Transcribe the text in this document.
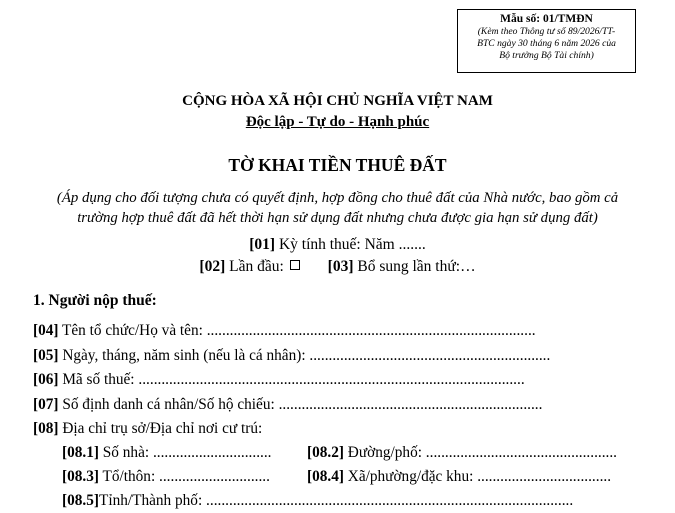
Mẫu số: 01/TMĐN
(Kèm theo Thông tư số 89/2026/TT-
BTC ngày 30 tháng 6 năm 2026 của
Bộ trưởng Bộ Tài chính)
CỘNG HÒA XÃ HỘI CHỦ NGHĨA VIỆT NAM
Độc lập - Tự do - Hạnh phúc
TỜ KHAI TIỀN THUÊ ĐẤT
(Áp dụng cho đối tượng chưa có quyết định, hợp đồng cho thuê đất của Nhà nước, bao gồm cả
trường hợp thuê đất đã hết thời hạn sử dụng đất nhưng chưa được gia hạn sử dụng đất)
[01] Kỳ tính thuế: Năm .......
[02] Lần đầu:	[03] Bổ sung lần thứ:…
1. Người nộp thuế:
[04] Tên tổ chức/Họ và tên: ......................................................................................
[05] Ngày, tháng, năm sinh (nếu là cá nhân): ...............................................................
[06] Mã số thuế: .....................................................................................................
[07] Số định danh cá nhân/Số hộ chiếu: .....................................................................
[08] Địa chỉ trụ sở/Địa chỉ nơi cư trú:
[08.1] Số nhà: ...............................	[08.2] Đường/phố: ..................................................
[08.3] Tổ/thôn: .............................	[08.4] Xã/phường/đặc khu: ...................................
[08.5]Tỉnh/Thành phố: ................................................................................................
